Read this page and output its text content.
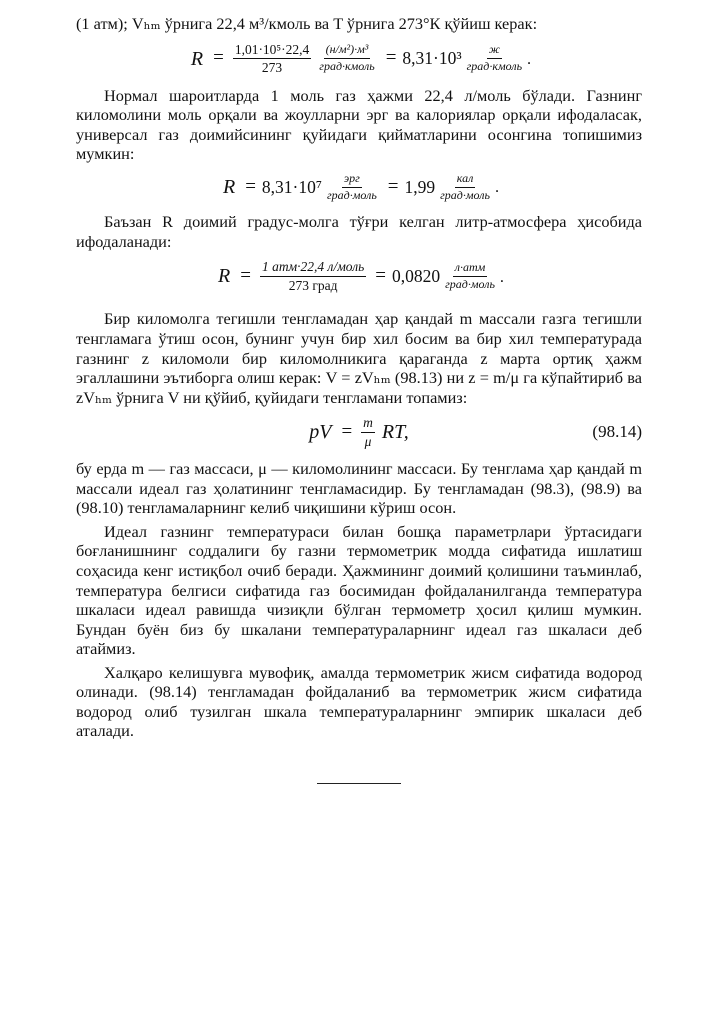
(1 атм); Vₕₘ ўрнига 22,4 м³/кмоль ва T ўрнига 273°К қўйиш керак:

$R = \frac{\text{1,01·10⁵·22,4}}{273} \frac{\text{(н/м²)·м³}}{\text{град·кмоль}} = 8,31\cdot 10^3 \frac{ж}{\text{град·кмоль}}$ .

Нормал шароитларда 1 моль газ ҳажми 22,4 л/моль бўлади. Газнинг киломолини моль орқали ва жоулларни эрг ва калориялар орқали ифодаласак, универсал газ доимийсининг қуйидаги қийматларини осонгина топишимиз мумкин:

$R = 8,31\cdot 10^7 \frac{\text{эрг}}{\text{град·моль}} = 1,99 \frac{\text{кал}}{\text{град·моль}}$ .

Баъзан R доимий градус-молга тўғри келган литр-атмосфера ҳисобида ифодаланади:

$R = \frac{\text{1 атм·22,4 л/моль}}{\text{273 град}} = 0,0820 \frac{\text{л·атм}}{\text{град·моль}}$ .

Бир киломолга тегишли тенгламадан ҳар қандай m массали газга тегишли тенгламага ўтиш осон, бунинг учун бир хил босим ва бир хил температурада газнинг z киломоли бир киломолникига қараганда z марта ортиқ ҳажм эгаллашини эътиборга олиш керак: V = zVₕₘ (98.13) ни z = m/μ га кўпайтириб ва zVₕₘ ўрнига V ни қўйиб, қуйидаги тенгламани топамиз:

pV = $\frac{m}{\mu}$ RT,	(98.14)

бу ерда m — газ массаси, μ — киломолининг массаси. Бу тенглама ҳар қандай m массали идеал газ ҳолатининг тенгламасидир. Бу тенгламадан (98.3), (98.9) ва (98.10) тенгламаларнинг келиб чиқишини кўриш осон.

Идеал газнинг температураси билан бошқа параметрлари ўртасидаги боғланишнинг соддалиги бу газни термометрик модда сифатида ишлатиш соҳасида кенг истиқбол очиб беради. Ҳажмининг доимий қолишини таъминлаб, температура белгиси сифатида газ босимидан фойдаланилганда температура шкаласи идеал равишда чизиқли бўлган термометр ҳосил қилиш мумкин. Бундан буён биз бу шкалани температураларнинг идеал газ шкаласи деб атаймиз.

Халқаро келишувга мувофиқ, амалда термометрик жисм сифатида водород олинади. (98.14) тенгламадан фойдаланиб ва термометрик жисм сифатида водород олиб тузилган шкала температураларнинг эмпирик шкаласи деб аталади.
